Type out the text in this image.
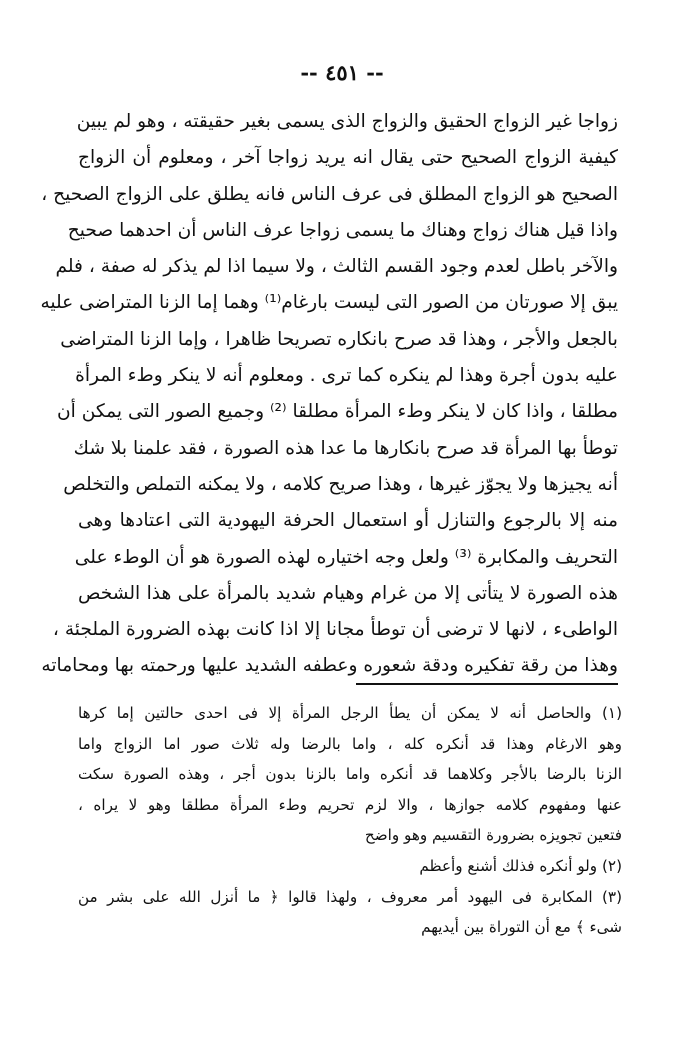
-- ٤٥١ --
زواجا غير الزواج الحقيق والزواج الذى يسمى بغير حقيقته ، وهو لم يبين
كيفية الزواج الصحيح حتى يقال انه يريد زواجا آخر ، ومعلوم أن الزواج
الصحيح هو الزواج المطلق فى عرف الناس فانه يطلق على الزواج الصحيح ،
واذا قيل هناك زواج وهناك ما يسمى زواجا عرف الناس أن احدهما صحيح
والآخر باطل لعدم وجود القسم الثالث ، ولا سيما اذا لم يذكر له صفة ، فلم
يبق إلا صورتان من الصور التى ليست بارغام⁽¹⁾ وهما إما الزنا المتراضى عليه
بالجعل والأجر ، وهذا قد صرح بانكاره تصريحا ظاهرا ، وإما الزنا المتراضى
عليه بدون أجرة وهذا لم ينكره كما ترى . ومعلوم أنه لا ينكر وطء المرأة
مطلقا ، واذا كان لا ينكر وطء المرأة مطلقا ⁽²⁾ وجميع الصور التى يمكن أن
توطأ بها المرأة قد صرح بانكارها ما عدا هذه الصورة ، فقد علمنا بلا شك
أنه يجيزها ولا يجوّز غيرها ، وهذا صريح كلامه ، ولا يمكنه التملص والتخلص
منه إلا بالرجوع والتنازل أو استعمال الحرفة اليهودية التى اعتادها وهى
التحريف والمكابرة ⁽³⁾ ولعل وجه اختياره لهذه الصورة هو أن الوطء على
هذه الصورة لا يتأتى إلا من غرام وهيام شديد بالمرأة على هذا الشخص
الواطىء ، لانها لا ترضى أن توطأ مجانا إلا اذا كانت بهذه الضرورة الملجئة ،
وهذا من رقة تفكيره ودقة شعوره وعطفه الشديد عليها ورحمته بها ومحاماته
(١) والحاصل أنه لا يمكن أن يطأ الرجل المرأة إلا فى احدى حالتين إما كرها
وهو الارغام وهذا قد أنكره كله ، واما بالرضا وله ثلاث صور اما الزواج واما
الزنا بالرضا بالأجر وكلاهما قد أنكره واما بالزنا بدون أجر ، وهذه الصورة سكت
عنها ومفهوم كلامه جوازها ، والا لزم تحريم وطء المرأة مطلقا وهو لا يراه ،
فتعين تجويزه بضرورة التقسيم وهو واضح
(٢) ولو أنكره فذلك أشنع وأعظم
(٣) المكابرة فى اليهود أمر معروف ، ولهذا قالوا ﴿ ما أنزل الله على بشر من
شىء ﴾ مع أن التوراة بين أيديهم
